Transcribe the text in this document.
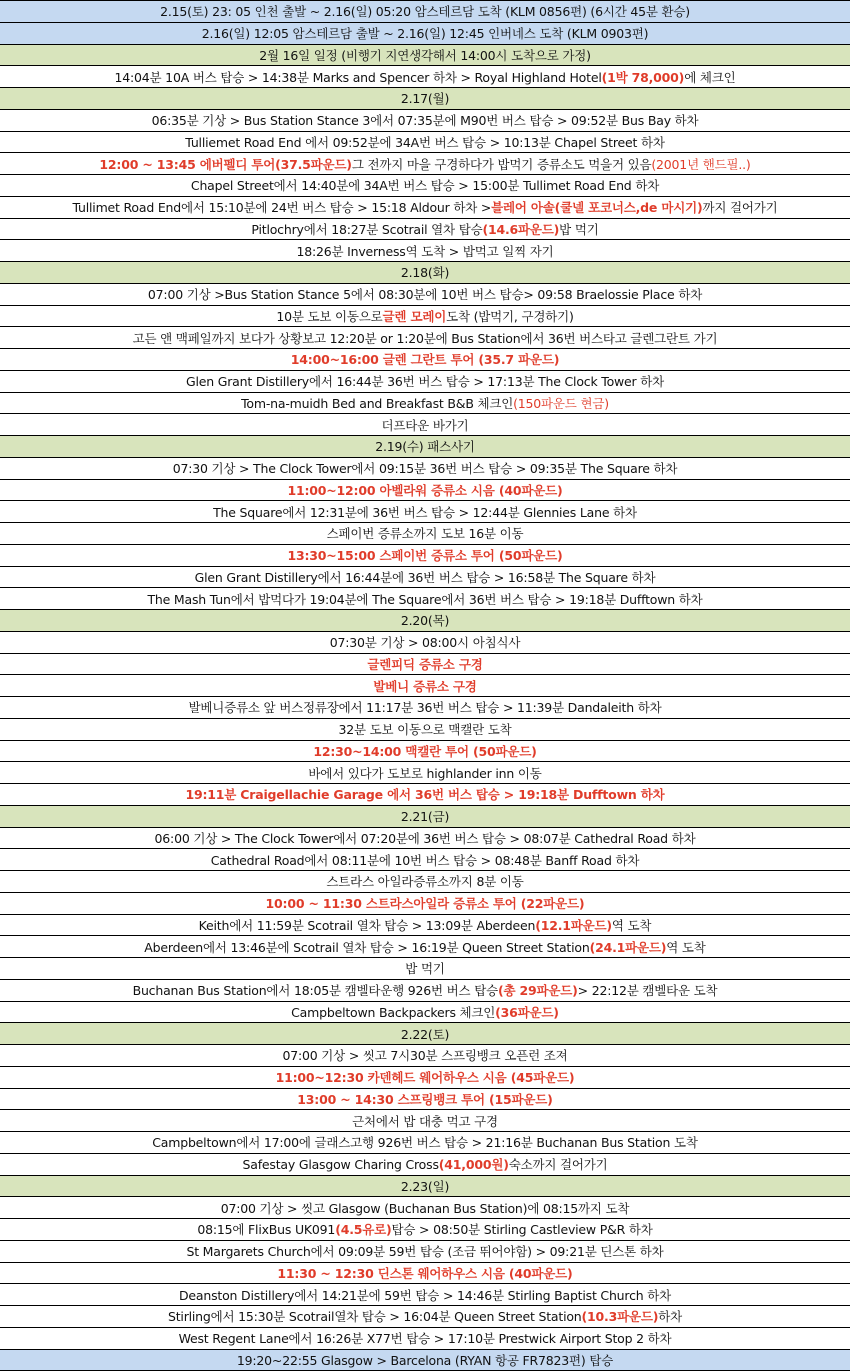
2.15(토) 23: 05 인천 출발 ~ 2.16(일) 05:20 암스테르담 도착 (KLM 0856편) (6시간 45분 환승)
2.16(일) 12:05 암스테르담 출발 ~ 2.16(일) 12:45 인버네스 도착 (KLM 0903편)
2월 16일 일정 (비행기 지연생각해서 14:00시 도착으로 가정)
14:04분 10A 버스 탑승 > 14:38분 Marks and Spencer 하차 > Royal Highland Hotel (1박 78,000) 에 체크인
2.17(월)
06:35분 기상 > Bus Station Stance 3에서 07:35분에 M90번 버스 탑승 > 09:52분 Bus Bay 하차
Tulliemet Road End 에서 09:52분에 34A번 버스 탑승 > 10:13분 Chapel Street 하차
12:00 ~ 13:45 에버펠디 투어(37.5파운드) 그 전까지 마을 구경하다가 밥먹기 증류소도 먹을거 있음 (2001년 핸드필..)
Chapel Street에서 14:40분에 34A번 버스 탑승 > 15:00분 Tullimet Road End 하차
Tullimet Road End에서 15:10분에 24번 버스 탑승 > 15:18 Aldour 하차 > 블레어 아솔(쿨넬 포코너스,de 마시기) 까지 걸어가기
Pitlochry에서 18:27분 Scotrail 열차 탑승 (14.6파운드) 밥 먹기
18:26분 Inverness역 도착 > 밥먹고 일찍 자기
2.18(화)
07:00 기상 >Bus Station Stance 5에서 08:30분에 10번 버스 탑승> 09:58 Braelossie Place 하차
10분 도보 이동으로 글렌 모레이 도착 (밥먹기, 구경하기)
고든 앤 맥페일까지 보다가 상황보고 12:20분 or 1:20분에 Bus Station에서 36번 버스타고 글렌그란트 가기
14:00~16:00 글렌 그란트 투어 (35.7 파운드)
Glen Grant Distillery에서 16:44분 36번 버스 탑승 > 17:13분 The Clock Tower 하차
Tom-na-muidh Bed and Breakfast B&B 체크인 (150파운드 현금)
더프타운 바가기
2.19(수) 패스사기
07:30 기상 > The Clock Tower에서 09:15분 36번 버스 탑승 > 09:35분 The Square 하차
11:00~12:00 아벨라워 증류소 시음 (40파운드)
The Square에서 12:31분에 36번 버스 탑승 > 12:44분 Glennies Lane 하차
스페이번 증류소까지 도보 16분 이동
13:30~15:00 스페이번 증류소 투어 (50파운드)
Glen Grant Distillery에서 16:44분에 36번 버스 탑승 > 16:58분 The Square 하차
The Mash Tun에서 밥먹다가 19:04분에 The Square에서 36번 버스 탑승 > 19:18분 Dufftown 하차
2.20(목)
07:30분 기상 > 08:00시 아침식사
글렌피딕 증류소 구경
발베니 증류소 구경
발베니증류소 앞 버스정류장에서 11:17분 36번 버스 탑승 > 11:39분 Dandaleith 하차
32분 도보 이동으로 맥캘란 도착
12:30~14:00 맥캘란 투어 (50파운드)
바에서 있다가 도보로 highlander inn 이동
19:11분 Craigellachie Garage 에서 36번 버스 탑승 > 19:18분 Dufftown 하차
2.21(금)
06:00 기상 > The Clock Tower에서 07:20분에 36번 버스 탑승 > 08:07분 Cathedral Road 하차
Cathedral Road에서 08:11분에 10번 버스 탑승 > 08:48분 Banff Road 하차
스트라스 아일라증류소까지 8분 이동
10:00 ~ 11:30 스트라스아일라 증류소 투어 (22파운드)
Keith에서 11:59분 Scotrail 열차 탑승 > 13:09분 Aberdeen (12.1파운드) 역 도착
Aberdeen에서 13:46분에 Scotrail 열차 탑승 > 16:19분 Queen Street Station (24.1파운드) 역 도착
밥 먹기
Buchanan Bus Station에서 18:05분 캠벨타운행 926번 버스 탑승 (총 29파운드) > 22:12분 캠벨타운 도착
Campbeltown Backpackers 체크인 (36파운드)
2.22(토)
07:00 기상 > 씻고 7시30분 스프링뱅크 오픈런 조져
11:00~12:30 카덴헤드 웨어하우스 시음 (45파운드)
13:00 ~ 14:30 스프링뱅크 투어 (15파운드)
근처에서 밥 대충 먹고 구경
Campbeltown에서 17:00에 글래스고행 926번 버스 탑승 > 21:16분 Buchanan Bus Station 도착
Safestay Glasgow Charing Cross (41,000원) 숙소까지 걸어가기
2.23(일)
07:00 기상 > 씻고 Glasgow (Buchanan Bus Station)에 08:15까지 도착
08:15에 FlixBus UK091 (4.5유로) 탑승 > 08:50분 Stirling Castleview P&R 하차
St Margarets Church에서 09:09분 59번 탑승 (조금 뛰어야함) > 09:21분 딘스톤 하차
11:30 ~ 12:30 딘스톤 웨어하우스 시음 (40파운드)
Deanston Distillery에서 14:21분에 59번 탑승 > 14:46분 Stirling Baptist Church 하차
Stirling에서 15:30분 Scotrail열차 탑승 > 16:04분 Queen Street Station (10.3파운드) 하차
West Regent Lane에서 16:26분 X77번 탑승 > 17:10분 Prestwick Airport Stop 2 하차
19:20~22:55 Glasgow > Barcelona (RYAN 항공 FR7823편) 탑승
